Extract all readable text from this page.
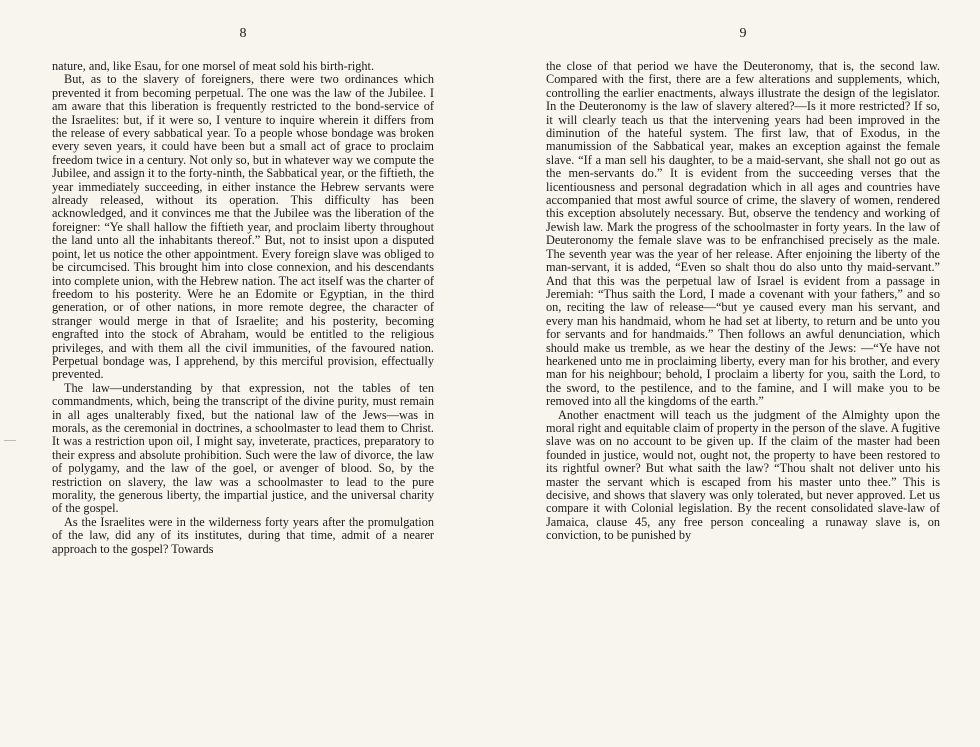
8

nature, and, like Esau, for one morsel of meat sold his birth-right.

But, as to the slavery of foreigners, there were two ordinances which prevented it from becoming perpetual. The one was the law of the Jubilee. I am aware that this liberation is frequently restricted to the bond-service of the Israelites: but, if it were so, I venture to inquire wherein it differs from the release of every sabbatical year. To a people whose bondage was broken every seven years, it could have been but a small act of grace to proclaim freedom twice in a century. Not only so, but in whatever way we compute the Jubilee, and assign it to the forty-ninth, the Sabbatical year, or the fiftieth, the year immediately succeeding, in either instance the Hebrew servants were already released, without its operation. This difficulty has been acknowledged, and it convinces me that the Jubilee was the liberation of the foreigner: “Ye shall hallow the fiftieth year, and proclaim liberty throughout the land unto all the inhabitants thereof.” But, not to insist upon a disputed point, let us notice the other appointment. Every foreign slave was obliged to be circumcised. This brought him into close connexion, and his descendants into complete union, with the Hebrew nation. The act itself was the charter of freedom to his posterity. Were he an Edomite or Egyptian, in the third generation, or of other nations, in more remote degree, the character of stranger would merge in that of Israelite; and his posterity, becoming engrafted into the stock of Abraham, would be entitled to the religious privileges, and with them all the civil immunities, of the favoured nation. Perpetual bondage was, I apprehend, by this merciful provision, effectually prevented.

The law—understanding by that expression, not the tables of ten commandments, which, being the transcript of the divine purity, must remain in all ages unalterably fixed, but the national law of the Jews—was in morals, as the ceremonial in doctrines, a schoolmaster to lead them to Christ. It was a restriction upon oil, I might say, inveterate, practices, preparatory to their express and absolute prohibition. Such were the law of divorce, the law of polygamy, and the law of the goel, or avenger of blood. So, by the restriction on slavery, the law was a schoolmaster to lead to the pure morality, the generous liberty, the impartial justice, and the universal charity of the gospel.

As the Israelites were in the wilderness forty years after the promulgation of the law, did any of its institutes, during that time, admit of a nearer approach to the gospel? Towards

9

the close of that period we have the Deuteronomy, that is, the second law. Compared with the first, there are a few alterations and supplements, which, controlling the earlier enactments, always illustrate the design of the legislator. In the Deuteronomy is the law of slavery altered?—Is it more restricted? If so, it will clearly teach us that the intervening years had been improved in the diminution of the hateful system. The first law, that of Exodus, in the manumission of the Sabbatical year, makes an exception against the female slave. “If a man sell his daughter, to be a maid-servant, she shall not go out as the men-servants do.” It is evident from the succeeding verses that the licentiousness and personal degradation which in all ages and countries have accompanied that most awful source of crime, the slavery of women, rendered this exception absolutely necessary. But, observe the tendency and working of Jewish law. Mark the progress of the schoolmaster in forty years. In the law of Deuteronomy the female slave was to be enfranchised precisely as the male. The seventh year was the year of her release. After enjoining the liberty of the man-servant, it is added, “Even so shalt thou do also unto thy maid-servant.” And that this was the perpetual law of Israel is evident from a passage in Jeremiah: “Thus saith the Lord, I made a covenant with your fathers,” and so on, reciting the law of release—“but ye caused every man his servant, and every man his handmaid, whom he had set at liberty, to return and be unto you for servants and for handmaids.” Then follows an awful denunciation, which should make us tremble, as we hear the destiny of the Jews: —“Ye have not hearkened unto me in proclaiming liberty, every man for his brother, and every man for his neighbour; behold, I proclaim a liberty for you, saith the Lord, to the sword, to the pestilence, and to the famine, and I will make you to be removed into all the kingdoms of the earth.”

Another enactment will teach us the judgment of the Almighty upon the moral right and equitable claim of property in the person of the slave. A fugitive slave was on no account to be given up. If the claim of the master had been founded in justice, would not, ought not, the property to have been restored to its rightful owner? But what saith the law? “Thou shalt not deliver unto his master the servant which is escaped from his master unto thee.” This is decisive, and shows that slavery was only tolerated, but never approved. Let us compare it with Colonial legislation. By the recent consolidated slave-law of Jamaica, clause 45, any free person concealing a runaway slave is, on conviction, to be punished by
